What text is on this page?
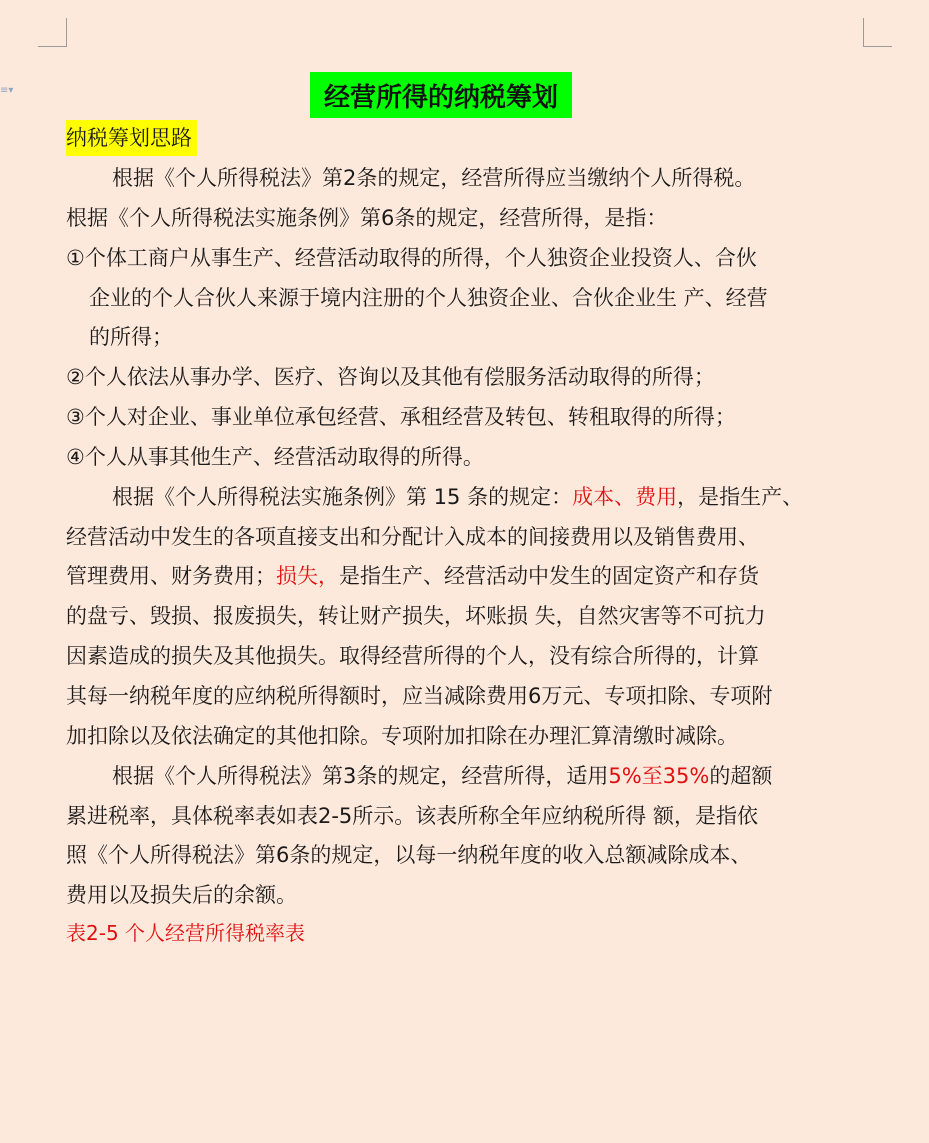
≡▾	经营所得的纳税筹划
纳税筹划思路
根据《个人所得税法》第2条的规定，经营所得应当缴纳个人所得税。
根据《个人所得税法实施条例》第6条的规定，经营所得，是指：
①个体工商户从事生产、经营活动取得的所得，个人独资企业投资人、合伙
企业的个人合伙人来源于境内注册的个人独资企业、合伙企业生 产、经营
的所得；
②个人依法从事办学、医疗、咨询以及其他有偿服务活动取得的所得；
③个人对企业、事业单位承包经营、承租经营及转包、转租取得的所得；
④个人从事其他生产、经营活动取得的所得。
根据《个人所得税法实施条例》第 15 条的规定：成本、费用，是指生产、
经营活动中发生的各项直接支出和分配计入成本的间接费用以及销售费用、
管理费用、财务费用；损失，是指生产、经营活动中发生的固定资产和存货
的盘亏、毁损、报废损失，转让财产损失，坏账损 失，自然灾害等不可抗力
因素造成的损失及其他损失。取得经营所得的个人，没有综合所得的，计算
其每一纳税年度的应纳税所得额时，应当减除费用6万元、专项扣除、专项附
加扣除以及依法确定的其他扣除。专项附加扣除在办理汇算清缴时减除。
根据《个人所得税法》第3条的规定，经营所得，适用5%至35%的超额
累进税率，具体税率表如表2-5所示。该表所称全年应纳税所得 额，是指依
照《个人所得税法》第6条的规定，以每一纳税年度的收入总额减除成本、
费用以及损失后的余额。
表2-5 个人经营所得税率表
